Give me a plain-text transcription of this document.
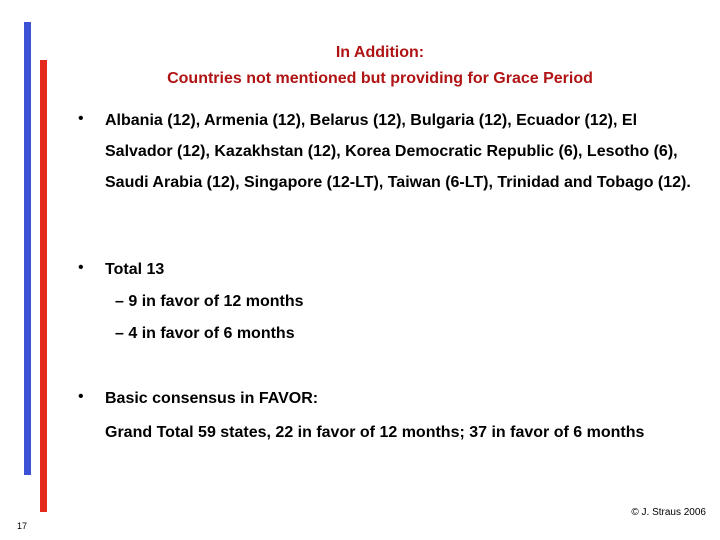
In Addition:
Countries not mentioned but providing for Grace Period
• Albania (12), Armenia (12), Belarus (12), Bulgaria (12), Ecuador (12), El Salvador (12), Kazakhstan (12), Korea Democratic Republic (6), Lesotho (6), Saudi Arabia (12), Singapore (12-LT), Taiwan (6-LT), Trinidad and Tobago (12).
• Total 13
– 9 in favor of 12 months
– 4 in favor of 6 months
• Basic consensus in FAVOR:
Grand Total 59 states, 22 in favor of 12 months; 37 in favor of 6 months
17
© J. Straus 2006
